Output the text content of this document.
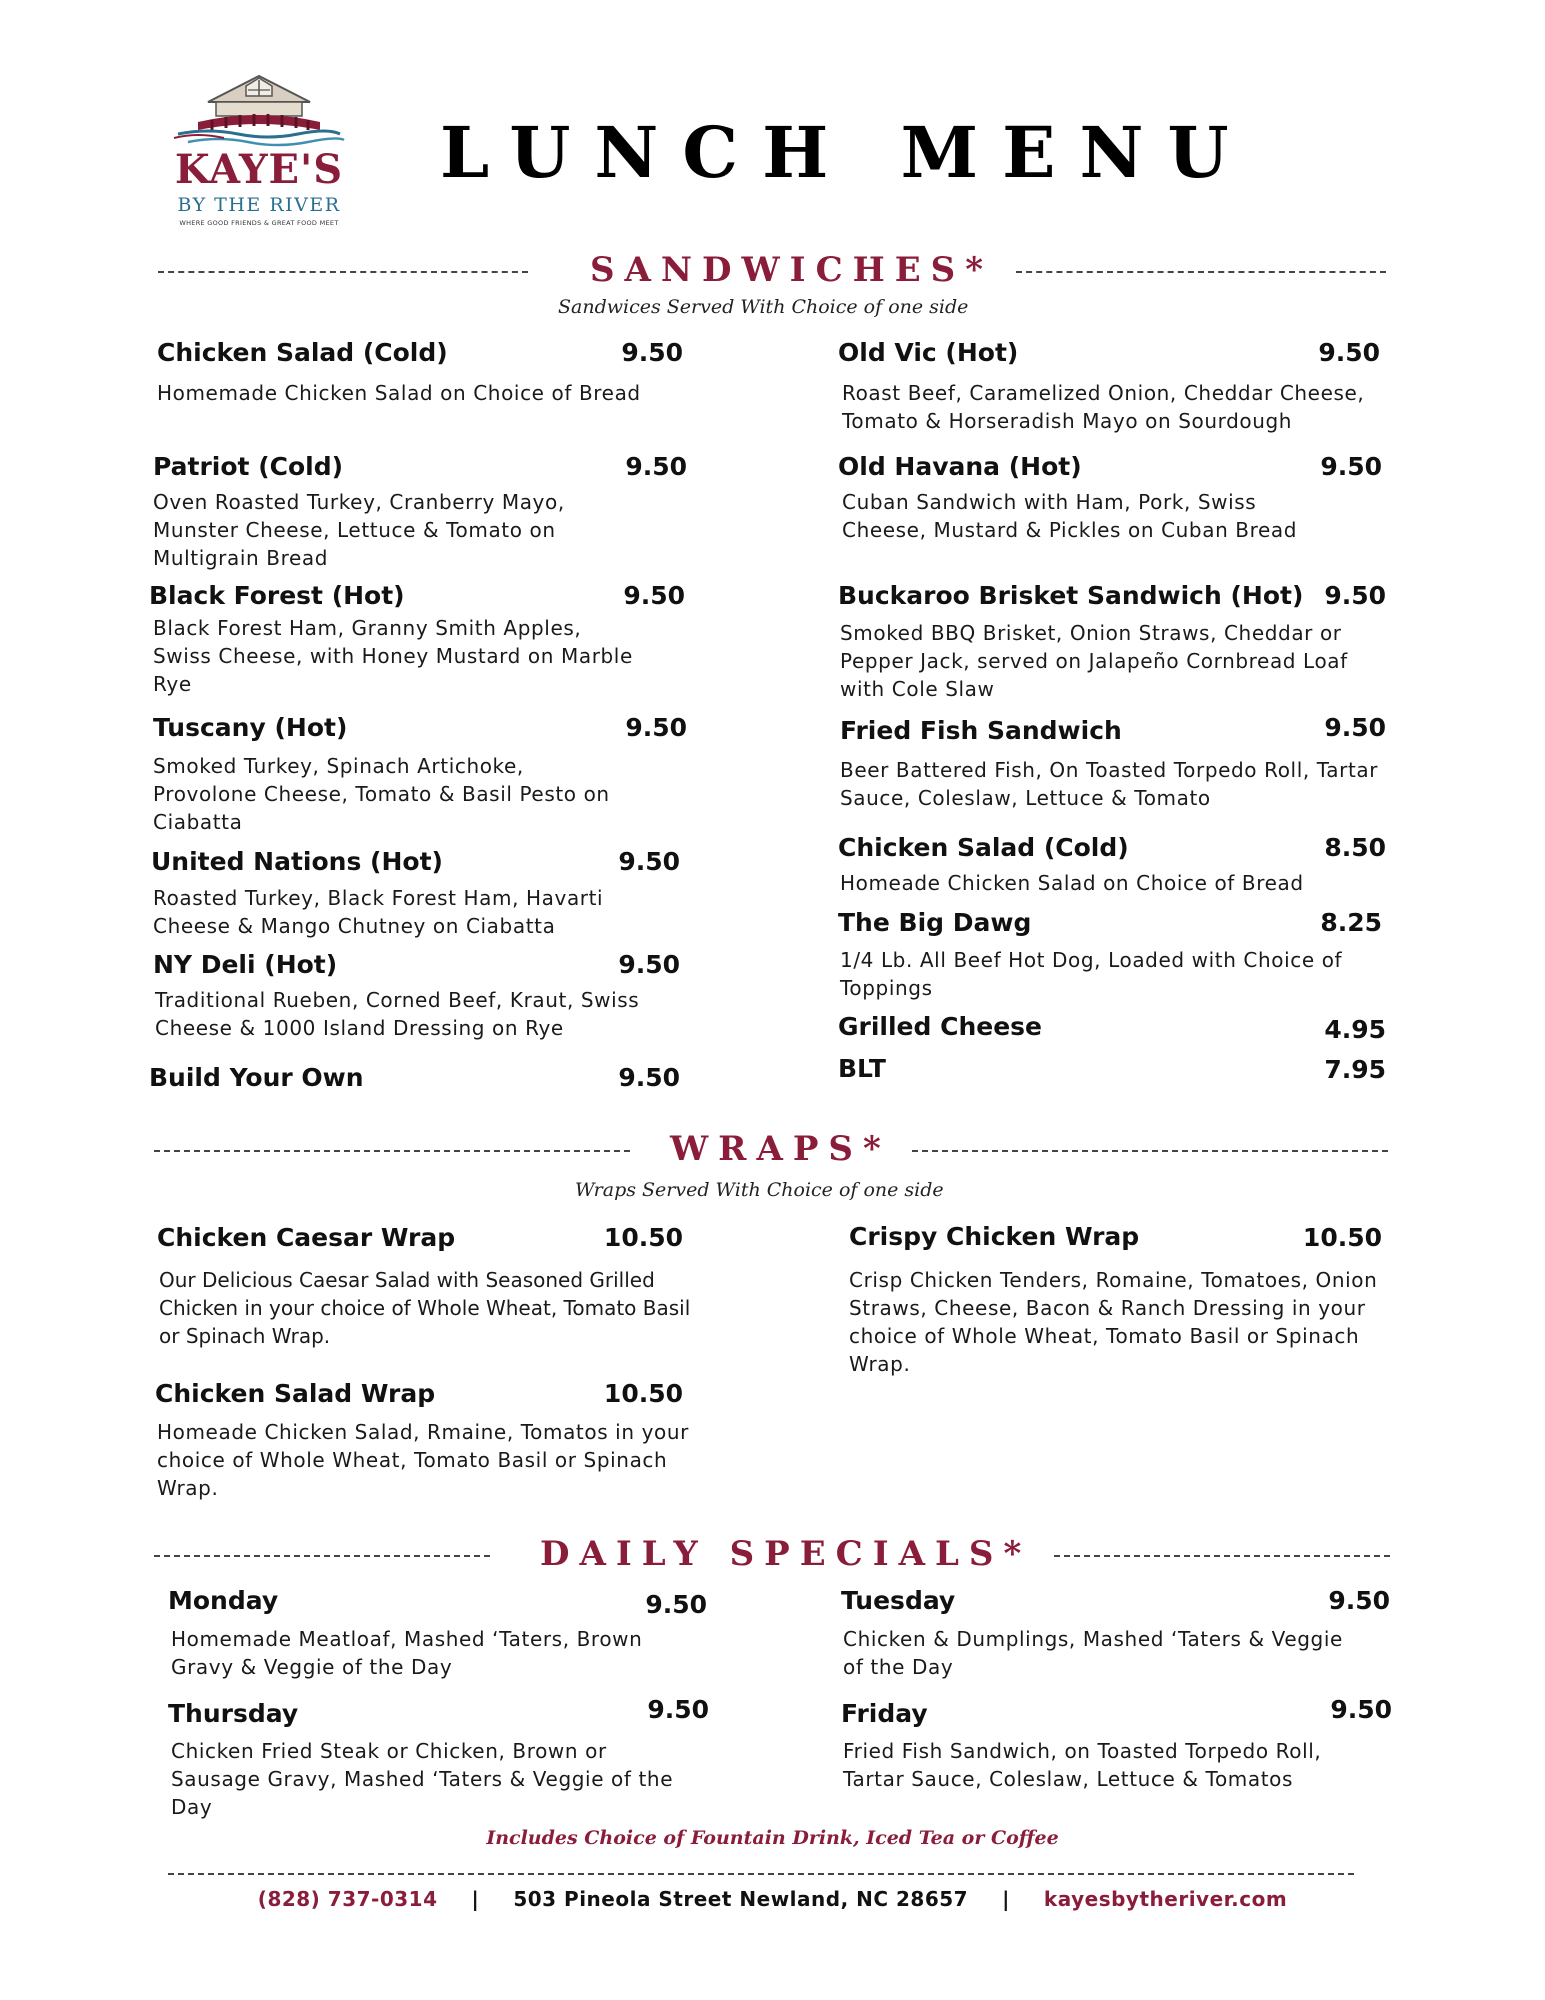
KAYE'S
BY THE RIVER
WHERE GOOD FRIENDS & GREAT FOOD MEET
LUNCH MENU
SANDWICHES*
Sandwices Served With Choice of one side
Chicken Salad (Cold)	9.50
Homemade Chicken Salad on Choice of Bread
Patriot (Cold)	9.50
Oven Roasted Turkey, Cranberry Mayo, Munster Cheese, Lettuce & Tomato on Multigrain Bread
Black Forest (Hot)	9.50
Black Forest Ham, Granny Smith Apples, Swiss Cheese, with Honey Mustard on Marble Rye
Tuscany (Hot)	9.50
Smoked Turkey, Spinach Artichoke, Provolone Cheese, Tomato & Basil Pesto on Ciabatta
United Nations (Hot)	9.50
Roasted Turkey, Black Forest Ham, Havarti Cheese & Mango Chutney on Ciabatta
NY Deli (Hot)	9.50
Traditional Rueben, Corned Beef, Kraut, Swiss Cheese & 1000 Island Dressing on Rye
Build Your Own	9.50
Old Vic (Hot)	9.50
Roast Beef, Caramelized Onion, Cheddar Cheese, Tomato & Horseradish Mayo on Sourdough
Old Havana (Hot)	9.50
Cuban Sandwich with Ham, Pork, Swiss Cheese, Mustard & Pickles on Cuban Bread
Buckaroo Brisket Sandwich (Hot) 9.50
Smoked BBQ Brisket, Onion Straws, Cheddar or Pepper Jack, served on Jalapeño Cornbread Loaf with Cole Slaw
Fried Fish Sandwich	9.50
Beer Battered Fish, On Toasted Torpedo Roll, Tartar Sauce, Coleslaw, Lettuce & Tomato
Chicken Salad (Cold)	8.50
Homeade Chicken Salad on Choice of Bread
The Big Dawg	8.25
1/4 Lb. All Beef Hot Dog, Loaded with Choice of Toppings
Grilled Cheese	4.95
BLT	7.95
WRAPS*
Wraps Served With Choice of one side
Chicken Caesar Wrap	10.50
Our Delicious Caesar Salad with Seasoned Grilled Chicken in your choice of Whole Wheat, Tomato Basil or Spinach Wrap.
Chicken Salad Wrap	10.50
Homeade Chicken Salad, Rmaine, Tomatos in your choice of Whole Wheat, Tomato Basil or Spinach Wrap.
Crispy Chicken Wrap	10.50
Crisp Chicken Tenders, Romaine, Tomatoes, Onion Straws, Cheese, Bacon & Ranch Dressing in your choice of Whole Wheat, Tomato Basil or Spinach Wrap.
DAILY SPECIALS*
Monday	9.50
Homemade Meatloaf, Mashed ‘Taters, Brown Gravy & Veggie of the Day
Thursday	9.50
Chicken Fried Steak or Chicken, Brown or Sausage Gravy, Mashed ‘Taters & Veggie of the Day
Tuesday	9.50
Chicken & Dumplings, Mashed ‘Taters & Veggie of the Day
Friday	9.50
Fried Fish Sandwich, on Toasted Torpedo Roll, Tartar Sauce, Coleslaw, Lettuce & Tomatos
Includes Choice of Fountain Drink, Iced Tea or Coffee
(828) 737-0314 | 503 Pineola Street Newland, NC 28657 | kayesbytheriver.com
